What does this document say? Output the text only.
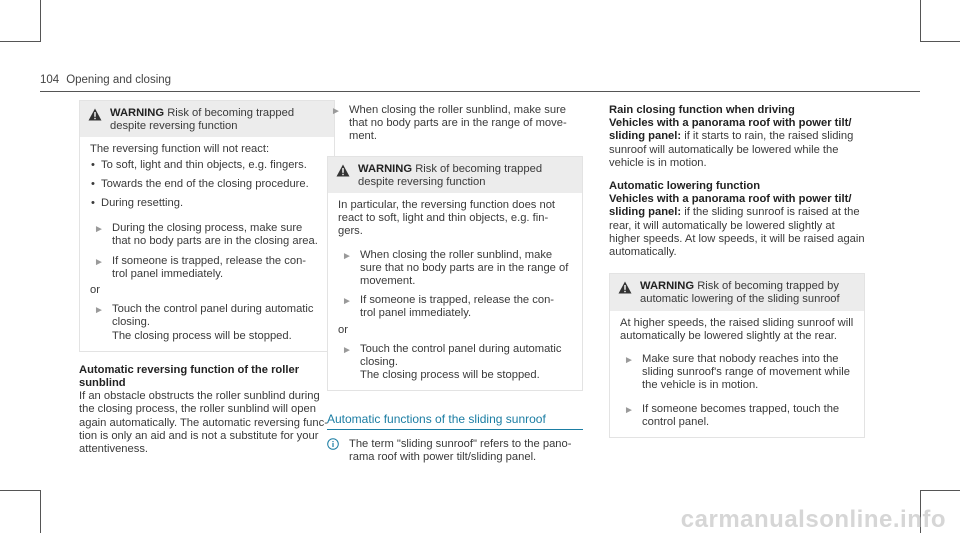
104 Opening and closing
WARNING Risk of becoming trapped despite reversing function
The reversing function will not react:
• To soft, light and thin objects, e.g. fingers.
• Towards the end of the closing procedure.
• During resetting.
► During the closing process, make sure that no body parts are in the closing area.
► If someone is trapped, release the con‐ trol panel immediately.
or
► Touch the control panel during automatic closing.
The closing process will be stopped.
Automatic reversing function of the roller sunblind
If an obstacle obstructs the roller sunblind during the closing process, the roller sunblind will open again automatically. The automatic reversing func‐ tion is only an aid and is not a substitute for your attentiveness.
► When closing the roller sunblind, make sure that no body parts are in the range of move‐ ment.
WARNING Risk of becoming trapped despite reversing function
In particular, the reversing function does not react to soft, light and thin objects, e.g. fin‐ gers.
► When closing the roller sunblind, make sure that no body parts are in the range of movement.
► If someone is trapped, release the con‐ trol panel immediately.
or
► Touch the control panel during automatic closing.
The closing process will be stopped.
Automatic functions of the sliding sunroof
The term "sliding sunroof" refers to the pano‐ rama roof with power tilt/sliding panel.
Rain closing function when driving
Vehicles with a panorama roof with power tilt/ sliding panel: if it starts to rain, the raised sliding sunroof will automatically be lowered while the vehicle is in motion.
Automatic lowering function
Vehicles with a panorama roof with power tilt/ sliding panel: if the sliding sunroof is raised at the rear, it will automatically be lowered slightly at higher speeds. At low speeds, it will be raised again automatically.
WARNING Risk of becoming trapped by automatic lowering of the sliding sunroof
At higher speeds, the raised sliding sunroof will automatically be lowered slightly at the rear.
► Make sure that nobody reaches into the sliding sunroof's range of movement while the vehicle is in motion.
► If someone becomes trapped, touch the control panel.
carmanualsonline.info
